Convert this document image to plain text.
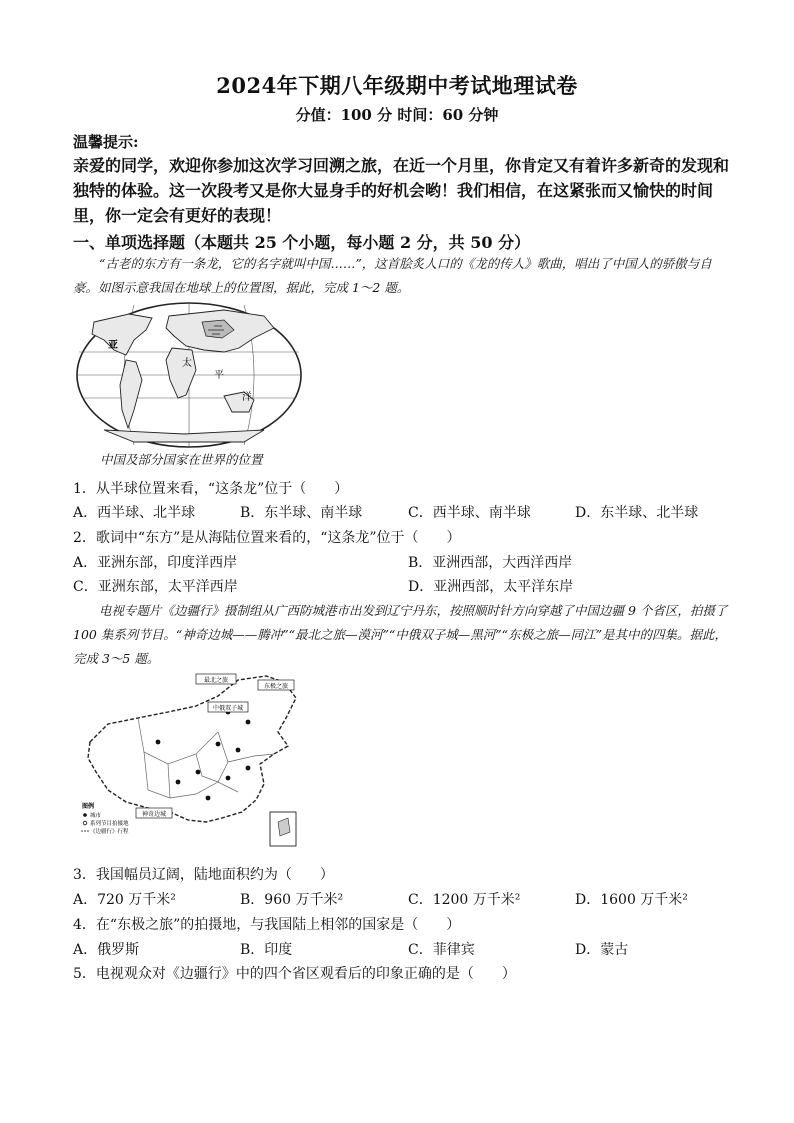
2024年下期八年级期中考试地理试卷
分值：100 分 时间：60 分钟
温馨提示:
亲爱的同学，欢迎你参加这次学习回溯之旅，在近一个月里，你肯定又有着许多新奇的发现和独特的体验。这一次段考又是你大显身手的好机会哟！我们相信，在这紧张而又愉快的时间里，你一定会有更好的表现！
一、单项选择题（本题共 25 个小题，每小题 2 分，共 50 分）
“古老的东方有一条龙，它的名字就叫中国……”，这首脍炙人口的《龙的传人》歌曲，唱出了中国人的骄傲与自豪。如图示意我国在地球上的位置图，据此，完成 1～2 题。
亚
太
平
洋
中国及部分国家在世界的位置
1．从半球位置来看，“这条龙”位于（　　）
A．西半球、北半球	B．东半球、南半球	C．西半球、南半球	D．东半球、北半球
2．歌词中“东方”是从海陆位置来看的，“这条龙”位于（　　）
A．亚洲东部，印度洋西岸	B．亚洲西部，大西洋西岸
C．亚洲东部，太平洋西岸	D．亚洲西部，太平洋东岸
电视专题片《边疆行》摄制组从广西防城港市出发到辽宁丹东，按照顺时针方向穿越了中国边疆 9 个省区，拍摄了 100 集系列节目。“神奇边城——腾冲”“最北之旅—漠河”“中俄双子城—黑河”“东极之旅—同江”是其中的四集。据此，完成 3～5 题。
最北之旅
东极之旅
中俄双子城
神奇边城
图例
城市
系列节目拍摄地
《边疆行》行程
3．我国幅员辽阔，陆地面积约为（　　）
A．720 万千米²	B．960 万千米²	C．1200 万千米²	D．1600 万千米²
4．在“东极之旅”的拍摄地，与我国陆上相邻的国家是（　　）
A．俄罗斯	B．印度	C．菲律宾	D．蒙古
5．电视观众对《边疆行》中的四个省区观看后的印象正确的是（　　）
